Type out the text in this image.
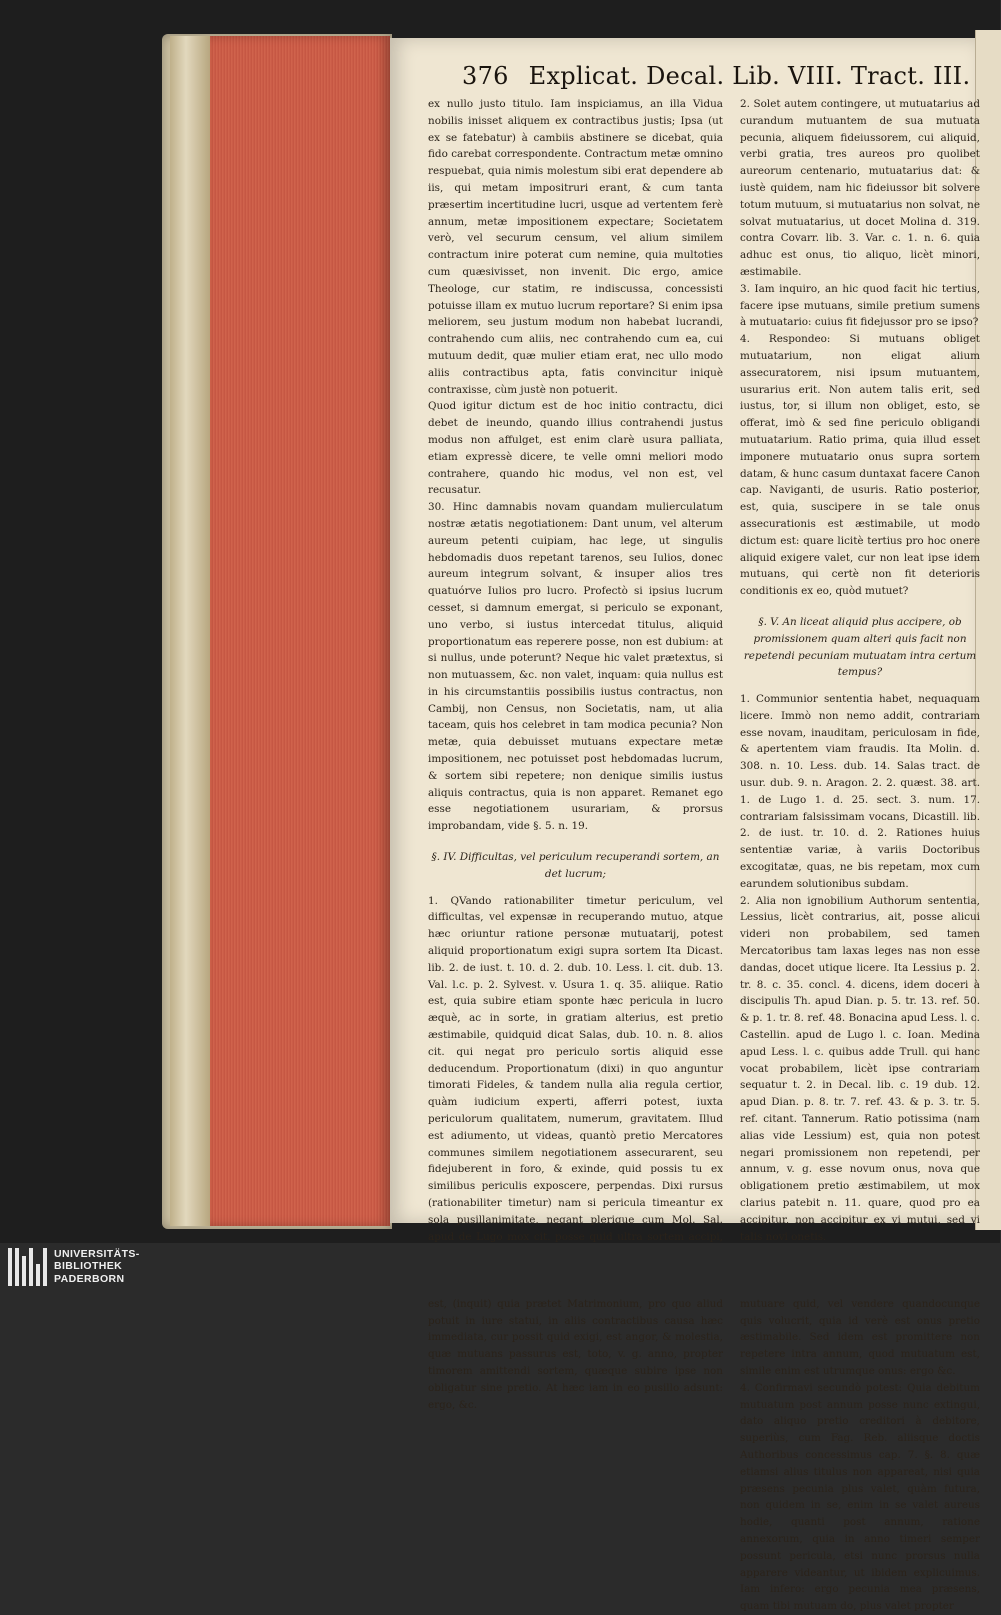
376 Explicat. Decal. Lib. VIII. Tract. III.

ex nullo justo titulo. Iam inspiciamus, an illa Vidua nobilis inisset aliquem ex contractibus justis; Ipsa (ut ex se fatebatur) à cambiis abstinere se dicebat, quia fido carebat correspondente. Contractum metæ omnino respuebat, quia nimis molestum sibi erat dependere ab iis, qui metam impositruri erant, & cum tanta præsertim incertitudine lucri, usque ad vertentem ferè annum, metæ impositionem expectare; Societatem verò, vel securum censum, vel alium similem contractum inire poterat cum nemine, quia multoties cum quæsivisset, non invenit. Dic ergo, amice Theologe, cur statim, re indiscussa, concessisti potuisse illam ex mutuo lucrum reportare? Si enim ipsa meliorem, seu justum modum non habebat lucrandi, contrahendo cum aliis, nec contrahendo cum ea, cui mutuum dedit, quæ mulier etiam erat, nec ullo modo aliis contractibus apta, fatis convincitur iniquè contraxisse, cùm justè non potuerit.

Quod igitur dictum est de hoc initio contractu, dici debet de ineundo, quando illius contrahendi justus modus non affulget, est enim clarè usura palliata, etiam expressè dicere, te velle omni meliori modo contrahere, quando hic modus, vel non est, vel recusatur.

30. Hinc damnabis novam quandam mulierculatum nostræ ætatis negotiationem: Dant unum, vel alterum aureum petenti cuipiam, hac lege, ut singulis hebdomadis duos repetant tarenos, seu Iulios, donec aureum integrum solvant, & insuper alios tres quatuórve Iulios pro lucro. Profectò si ipsius lucrum cesset, si damnum emergat, si periculo se exponant, uno verbo, si iustus intercedat titulus, aliquid proportionatum eas reperere posse, non est dubium: at si nullus, unde poterunt? Neque hic valet prætextus, si non mutuassem, &c. non valet, inquam: quia nullus est in his circumstantiis possibilis iustus contractus, non Cambij, non Census, non Societatis, nam, ut alia taceam, quis hos celebret in tam modica pecunia? Non metæ, quia debuisset mutuans expectare metæ impositionem, nec potuisset post hebdomadas lucrum, & sortem sibi repetere; non denique similis iustus aliquis contractus, quia is non apparet. Remanet ego esse negotiationem usurariam, & prorsus improbandam, vide §. 5. n. 19.

§. IV. Difficultas, vel periculum recuperandi sortem, an det lucrum;

1. QVando rationabiliter timetur periculum, vel difficultas, vel expensæ in recuperando mutuo, atque hæc oriuntur ratione personæ mutuatarij, potest aliquid proportionatum exigi supra sortem Ita Dicast. lib. 2. de iust. t. 10. d. 2. dub. 10. Less. l. cit. dub. 13. Val. l.c. p. 2. Sylvest. v. Usura 1. q. 35. aliique. Ratio est, quia subire etiam sponte hæc pericula in lucro æquè, ac in sorte, in gratiam alterius, est pretio æstimabile, quidquid dicat Salas, dub. 10. n. 8. alios cit. qui negat pro periculo sortis aliquid esse deducendum. Proportionatum (dixi) in quo anguntur timorati Fideles, & tandem nulla alia regula certior, quàm iudicium experti, afferri potest, iuxta periculorum qualitatem, numerum, gravitatem. Illud est adiumento, ut videas, quantò pretio Mercatores communes similem negotiationem assecurarent, seu fidejuberent in foro, & exinde, quid possis tu ex similibus periculis exposcere, perpendas. Dixi rursus (rationabiliter timetur) nam si pericula timeantur ex sola pusillanimitate, negant plerique cum Mol. Sal. apud de Lugo mox cit. posse quid ultra sortem accipi, est, (inquit) quia prætet Matrimonium, pro quo aliud potuit in iure statui, in aliis contractibus causa hæc immediata, cur possit quid exigi, est angor, & molestia, quæ mutuans passurus est, toto, v. g. anno, propter timorem amittendi sortem, quæque subire ipse non obligatur sine pretio. At hæc iam in eo pusillo adsunt: ergo, &c.

2. Solet autem contingere, ut mutuatarius ad curandum mutuantem de sua mutuata pecunia, aliquem fideiussorem, cui aliquid, verbi gratia, tres aureos pro quolibet aureorum centenario, mutuatarius dat: & iustè quidem, nam hic fideiussor bit solvere totum mutuum, si mutuatarius non solvat, ne solvat mutuatarius, ut docet Molina d. 319. contra Covarr. lib. 3. Var. c. 1. n. 6. quia adhuc est onus, tio aliquo, licèt minori, æstimabile.

3. Iam inquiro, an hic quod facit hic tertius, facere ipse mutuans, simile pretium sumens à mutuatario: cuius fit fidejussor pro se ipso?

4. Respondeo: Si mutuans obliget mutuatarium, non eligat alium assecuratorem, nisi ipsum mutuantem, usurarius erit. Non autem talis erit, sed iustus, tor, si illum non obliget, esto, se offerat, imò & sed fine periculo obligandi mutuatarium. Ratio prima, quia illud esset imponere mutuatario onus supra sortem datam, & hunc casum duntaxat facere Canon cap. Naviganti, de usuris. Ratio posterior, est, quia, suscipere in se tale onus assecurationis est æstimabile, ut modo dictum est: quare licitè tertius pro hoc onere aliquid exigere valet, cur non leat ipse idem mutuans, qui certè non fit deterioris conditionis ex eo, quòd mutuet?

§. V. An liceat aliquid plus accipere, ob promissionem quam alteri quis facit non repetendi pecuniam mutuatam intra certum tempus?

1. Communior sententia habet, nequaquam licere. Immò non nemo addit, contrariam esse novam, inauditam, periculosam in fide, & apertentem viam fraudis. Ita Molin. d. 308. n. 10. Less. dub. 14. Salas tract. de usur. dub. 9. n. Aragon. 2. 2. quæst. 38. art. 1. de Lugo 1. d. 25. sect. 3. num. 17. contrariam falsissimam vocans, Dicastill. lib. 2. de iust. tr. 10. d. 2. Rationes huius sententiæ variæ, à variis Doctoribus excogitatæ, quas, ne bis repetam, mox cum earundem solutionibus subdam.

2. Alia non ignobilium Authorum sententia, Lessius, licèt contrarius, ait, posse alicui videri non probabilem, sed tamen Mercatoribus tam laxas leges nas non esse dandas, docet utique licere. Ita Lessius p. 2. tr. 8. c. 35. concl. 4. dicens, idem doceri à discipulis Th. apud Dian. p. 5. tr. 13. ref. 50. & p. 1. tr. 8. ref. 48. Bonacina apud Less. l. c. Castellin. apud de Lugo l. c. Ioan. Medina apud Less. l. c. quibus adde Trull. qui hanc vocat probabilem, licèt ipse contrariam sequatur t. 2. in Decal. lib. c. 19 dub. 12. apud Dian. p. 8. tr. 7. ref. 43. & p. 3. tr. 5. ref. citant. Tannerum. Ratio potissima (nam alias vide Lessium) est, quia non potest negari promissionem non repetendi, per annum, v. g. esse novum onus, nova que obligationem pretio æstimabilem, ut mox clarius patebit n. 11. quare, quod pro ea accipitur, non accipitur ex vi mutui, sed vi talis novi onetis.

mutuare quid, vel vendere quandocunque quis volucrit, quia id verè est onus pretio æstimabile. Sed idem est promittere non repetere intra annum, quod mutuatum est, simile enim est utrumque onus: ergo &c.

4. Confirmavi secundò potest: Quia debitum mutuatum post annum posse nunc extingui, dato aliquo pretio creditori à debitore, superiùs, cum Fag. Reb. aliisque doctis Authoribus concessimus cap. 7. §. 8. quæ etiamsi alius titulus non appareat, nisi quia præsens pecunia plus valet, quàm futura, non quidem in se, enim in se valet aureus hodie, quanti post annum, ratione annexorum, quia in anno timeri semper possunt pericula, etsi nunc prorsus nulla apparere videantur, ut ibidem explicuimus. Iam infero: ergo pecunia mea præsens, quam tibi mutuam do, plus valet propter

UNIVERSITÄTS-
BIBLIOTHEK
PADERBORN
